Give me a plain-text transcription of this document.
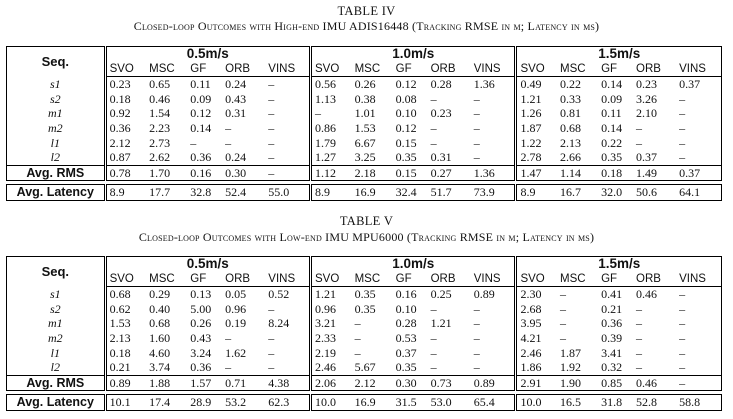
TABLE IV
Closed-loop Outcomes with High-end IMU ADIS16448 (Tracking RMSE in m; Latency in ms)
Seq.	0.5m/s					1.0m/s					1.5m/s				
	SVO	MSC	GF	ORB	VINS	SVO	MSC	GF	ORB	VINS	SVO	MSC	GF	ORB	VINS
s1	0.23	0.65	0.11	0.24	–	0.56	0.26	0.12	0.28	1.36	0.49	0.22	0.14	0.23	0.37
s2	0.18	0.46	0.09	0.43	–	1.13	0.38	0.08	–	–	1.21	0.33	0.09	3.26	–
m1	0.92	1.54	0.12	0.31	–	–	1.01	0.10	0.23	–	1.26	0.81	0.11	2.10	–
m2	0.36	2.23	0.14	–	–	0.86	1.53	0.12	–	–	1.87	0.68	0.14	–	–
l1	2.12	2.73	–	–	–	1.79	6.67	0.15	–	–	1.22	2.13	0.22	–	–
l2	0.87	2.62	0.36	0.24	–	1.27	3.25	0.35	0.31	–	2.78	2.66	0.35	0.37	–
Avg. RMS	0.78	1.70	0.16	0.30	–	1.12	2.18	0.15	0.27	1.36	1.47	1.14	0.18	1.49	0.37

Avg. Latency	8.9	17.7	32.8	52.4	55.0	8.9	16.9	32.4	51.7	73.9	8.9	16.7	32.0	50.6	64.1
TABLE V
Closed-loop Outcomes with Low-end IMU MPU6000 (Tracking RMSE in m; Latency in ms)
Seq.	0.5m/s					1.0m/s					1.5m/s				
	SVO	MSC	GF	ORB	VINS	SVO	MSC	GF	ORB	VINS	SVO	MSC	GF	ORB	VINS
s1	0.68	0.29	0.13	0.05	0.52	1.21	0.35	0.16	0.25	0.89	2.30	–	0.41	0.46	–
s2	0.62	0.40	5.00	0.96	–	0.96	0.35	0.10	–	–	2.68	–	0.21	–	–
m1	1.53	0.68	0.26	0.19	8.24	3.21	–	0.28	1.21	–	3.95	–	0.36	–	–
m2	2.13	1.60	0.43	–	–	2.33	–	0.53	–	–	4.21	–	0.39	–	–
l1	0.18	4.60	3.24	1.62	–	2.19	–	0.37	–	–	2.46	1.87	3.41	–	–
l2	0.21	3.74	0.36	–	–	2.46	5.67	0.35	–	–	1.86	1.92	0.32	–	–
Avg. RMS	0.89	1.88	1.57	0.71	4.38	2.06	2.12	0.30	0.73	0.89	2.91	1.90	0.85	0.46	–

Avg. Latency	10.1	17.4	28.9	53.2	62.3	10.0	16.9	31.5	53.0	65.4	10.0	16.5	31.8	52.8	58.8
